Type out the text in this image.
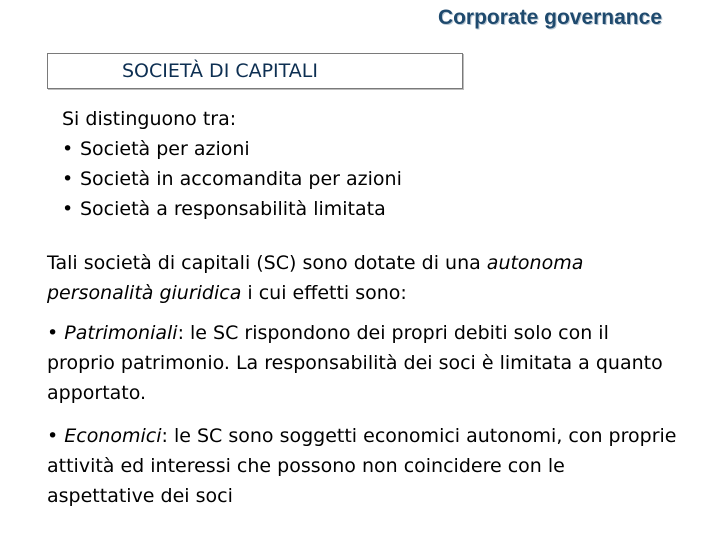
Corporate governance
SOCIETÀ DI CAPITALI
Si distinguono tra:
• Società per azioni
• Società in accomandita per azioni
• Società a responsabilità limitata
Tali società di capitali (SC) sono dotate di una autonoma personalità giuridica i cui effetti sono:
• Patrimoniali: le SC rispondono dei propri debiti solo con il proprio patrimonio. La responsabilità dei soci è limitata a quanto apportato.
• Economici: le SC sono soggetti economici autonomi, con proprie attività ed interessi che possono non coincidere con le aspettative dei soci
